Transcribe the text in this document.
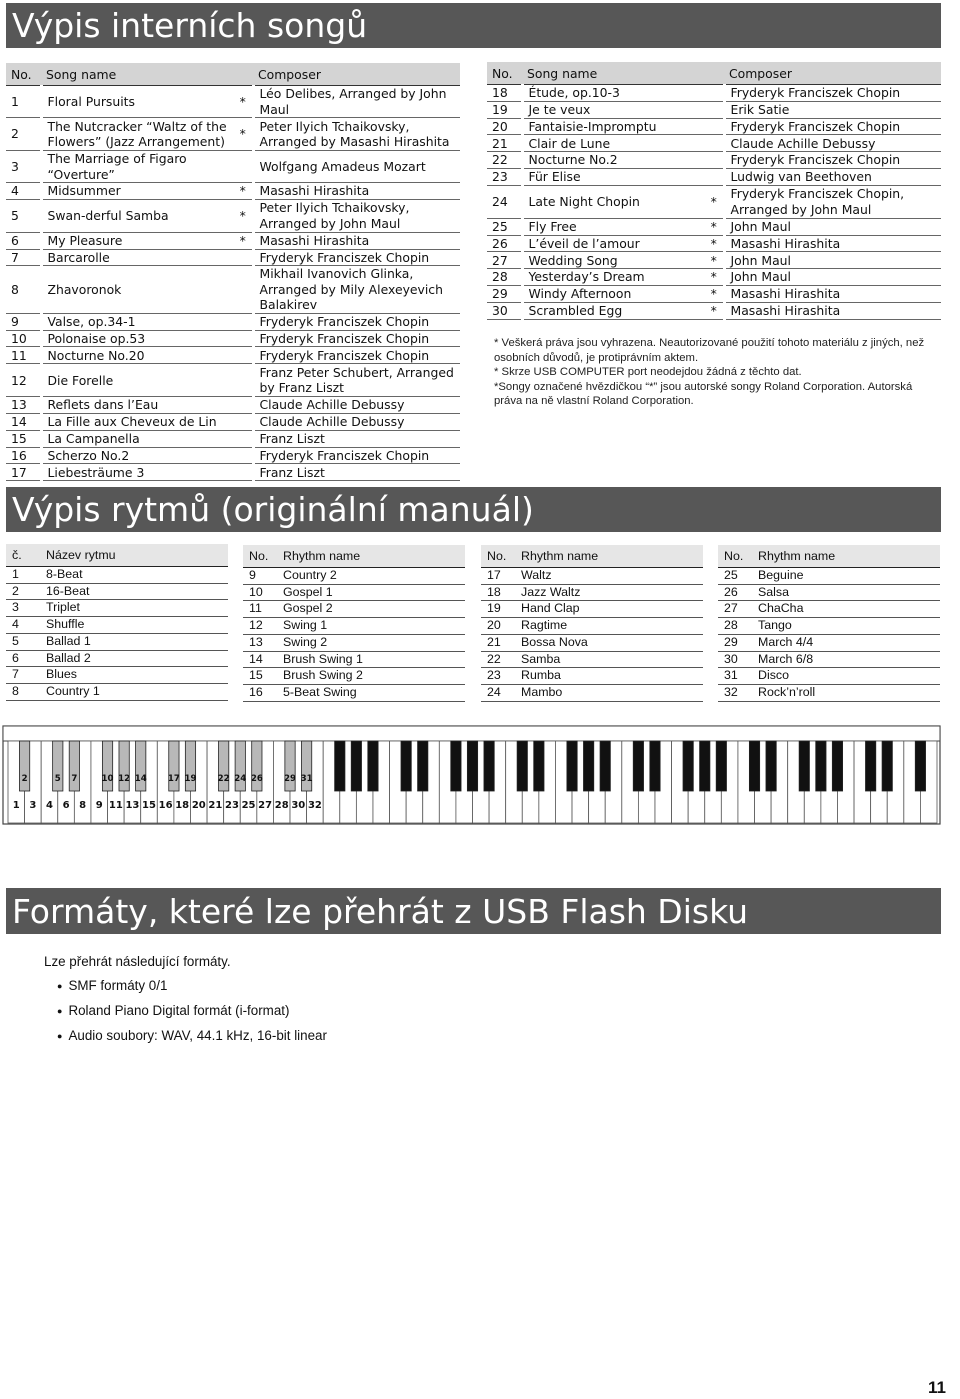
Výpis interních songů
No.	Song name		Composer
1	Floral Pursuits	*	Léo Delibes, Arranged by John Maul
2	The Nutcracker “Waltz of the Flowers” (Jazz Arrangement)	*	Peter Ilyich Tchaikovsky, Arranged by Masashi Hirashita
3	The Marriage of Figaro “Overture”		Wolfgang Amadeus Mozart
4	Midsummer	*	Masashi Hirashita
5	Swan-derful Samba	*	Peter Ilyich Tchaikovsky, Arranged by John Maul
6	My Pleasure	*	Masashi Hirashita
7	Barcarolle		Fryderyk Franciszek Chopin
8	Zhavoronok		Mikhail Ivanovich Glinka, Arranged by Mily Alexeyevich Balakirev
9	Valse, op.34-1		Fryderyk Franciszek Chopin
10	Polonaise op.53		Fryderyk Franciszek Chopin
11	Nocturne No.20		Fryderyk Franciszek Chopin
12	Die Forelle		Franz Peter Schubert, Arranged by Franz Liszt
13	Reflets dans l’Eau		Claude Achille Debussy
14	La Fille aux Cheveux de Lin		Claude Achille Debussy
15	La Campanella		Franz Liszt
16	Scherzo No.2		Fryderyk Franciszek Chopin
17	Liebesträume 3		Franz Liszt
No.	Song name		Composer
18	Étude, op.10-3		Fryderyk Franciszek Chopin
19	Je te veux		Erik Satie
20	Fantaisie-Impromptu		Fryderyk Franciszek Chopin
21	Clair de Lune		Claude Achille Debussy
22	Nocturne No.2		Fryderyk Franciszek Chopin
23	Für Elise		Ludwig van Beethoven
24	Late Night Chopin	*	Fryderyk Franciszek Chopin, Arranged by John Maul
25	Fly Free	*	John Maul
26	L’éveil de l’amour	*	Masashi Hirashita
27	Wedding Song	*	John Maul
28	Yesterday’s Dream	*	John Maul
29	Windy Afternoon	*	Masashi Hirashita
30	Scrambled Egg	*	Masashi Hirashita

* Veškerá práva jsou vyhrazena. Neautorizované použití tohoto materiálu z jiných, než osobních důvodů, je protiprávním aktem.

* Skrze USB COMPUTER port neodejdou žádná z těchto dat.

*Songy označené hvězdičkou “*” jsou autorské songy Roland Corporation. Autorská práva na ně vlastní Roland Corporation.

Výpis rytmů (originální manuál)
č.	Název rytmu
1	8-Beat
2	16-Beat
3	Triplet
4	Shuffle
5	Ballad 1
6	Ballad 2
7	Blues
8	Country 1
No.	Rhythm name
9	Country 2
10	Gospel 1
11	Gospel 2
12	Swing 1
13	Swing 2
14	Brush Swing 1
15	Brush Swing 2
16	5-Beat Swing
No.	Rhythm name
17	Waltz
18	Jazz Waltz
19	Hand Clap
20	Ragtime
21	Bossa Nova
22	Samba
23	Rumba
24	Mambo
No.	Rhythm name
25	Beguine
26	Salsa
27	ChaCha
28	Tango
29	March 4/4
30	March 6/8
31	Disco
32	Rock’n’roll
1 3 4 6 8 9 11 13 15 16 18 20 21 23 25 27 28 30 32
2	5 7	10 12 14 17 19 22 24 26 29 31
Formáty, které lze přehrát z USB Flash Disku
Lze přehrát následující formáty.
● SMF formáty 0/1
● Roland Piano Digital formát (i-format)
● Audio soubory: WAV, 44.1 kHz, 16-bit linear
11
